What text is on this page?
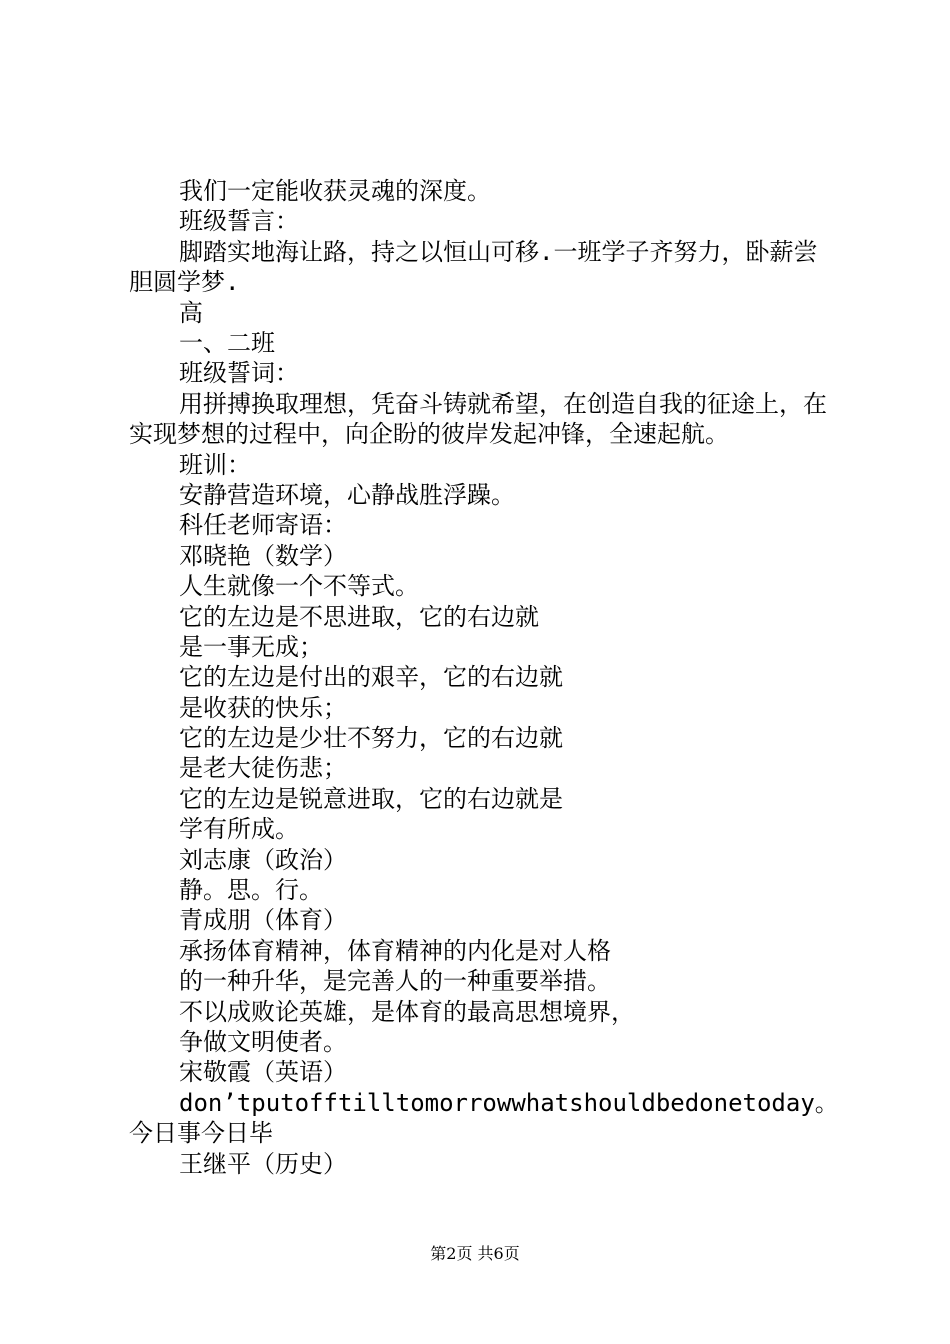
我们一定能收获灵魂的深度。
班级誓言：
脚踏实地海让路，持之以恒山可移.一班学子齐努力，卧薪尝胆圆学梦.
高
一、二班
班级誓词：
用拼搏换取理想，凭奋斗铸就希望，在创造自我的征途上，在实现梦想的过程中，向企盼的彼岸发起冲锋，全速起航。
班训：
安静营造环境，心静战胜浮躁。
科任老师寄语：
邓晓艳（数学）
人生就像一个不等式。
它的左边是不思进取，它的右边就
是一事无成；
它的左边是付出的艰辛，它的右边就
是收获的快乐；
它的左边是少壮不努力，它的右边就
是老大徒伤悲；
它的左边是锐意进取，它的右边就是
学有所成。
刘志康（政治）
静。思。行。
青成朋（体育）
承扬体育精神，体育精神的内化是对人格
的一种升华，是完善人的一种重要举措。
不以成败论英雄，是体育的最高思想境界，
争做文明使者。
宋敬霞（英语）
don’tputofftilltomorrowwhatshouldbedonetoday。今日事今日毕
王继平（历史）
第2页 共6页
